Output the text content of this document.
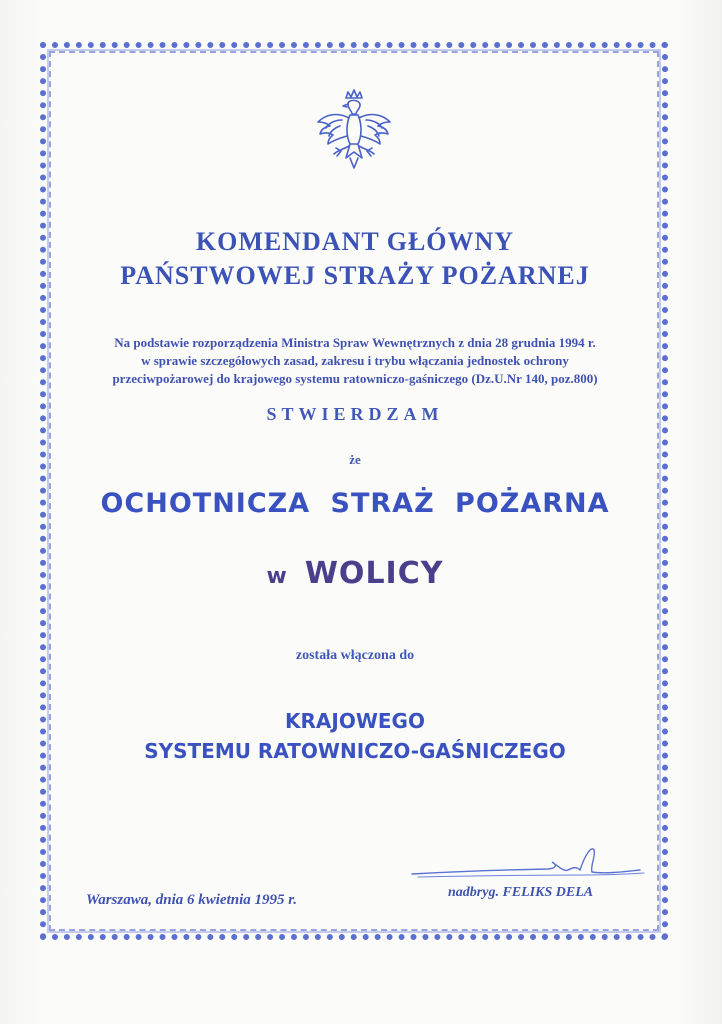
KOMENDANT GŁÓWNY
PAŃSTWOWEJ STRAŻY POŻARNEJ
Na podstawie rozporządzenia Ministra Spraw Wewnętrznych z dnia 28 grudnia 1994 r.
w sprawie szczegółowych zasad, zakresu i trybu włączania jednostek ochrony
przeciwpożarowej do krajowego systemu ratowniczo-gaśniczego (Dz.U.Nr 140, poz.800)
STWIERDZAM
że
OCHOTNICZA STRAŻ POŻARNA
w WOLICY
została włączona do
KRAJOWEGO
SYSTEMU RATOWNICZO-GAŚNICZEGO
Warszawa, dnia 6 kwietnia 1995 r.	nadbryg. FELIKS DELA
